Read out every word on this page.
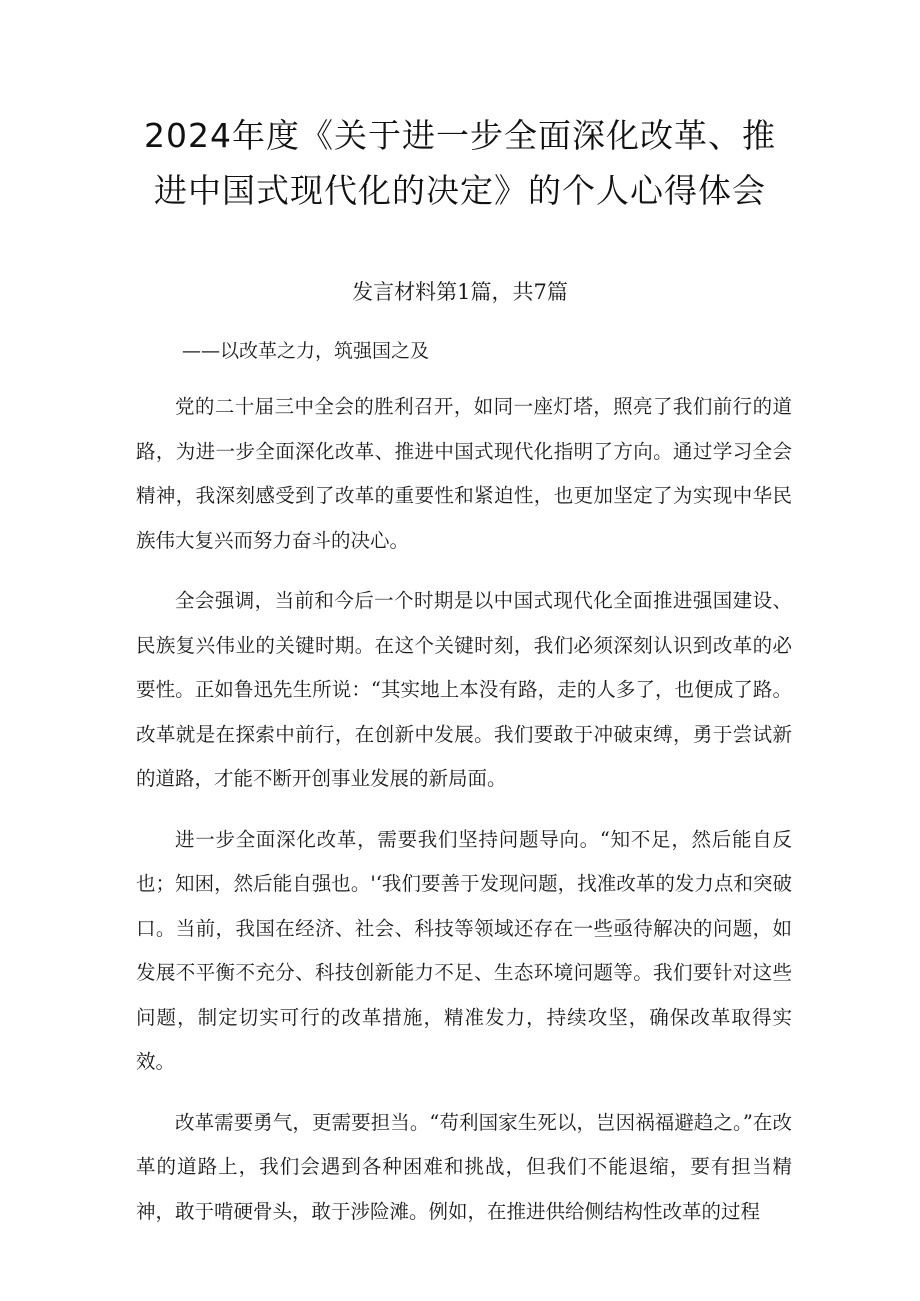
2024年度《关于进一步全面深化改革、推进中国式现代化的决定》的个人心得体会
发言材料第1篇，共7篇
——以改革之力，筑强国之及

党的二十届三中全会的胜利召开，如同一座灯塔，照亮了我们前行的道路，为进一步全面深化改革、推进中国式现代化指明了方向。通过学习全会精神，我深刻感受到了改革的重要性和紧迫性，也更加坚定了为实现中华民族伟大复兴而努力奋斗的决心。

全会强调，当前和今后一个时期是以中国式现代化全面推进强国建设、民族复兴伟业的关键时期。在这个关键时刻，我们必须深刻认识到改革的必要性。正如鲁迅先生所说：“其实地上本没有路，走的人多了，也便成了路。改革就是在探索中前行，在创新中发展。我们要敢于冲破束缚，勇于尝试新的道路，才能不断开创事业发展的新局面。

进一步全面深化改革，需要我们坚持问题导向。“知不足，然后能自反也；知困，然后能自强也。'‘我们要善于发现问题，找准改革的发力点和突破口。当前，我国在经济、社会、科技等领域还存在一些亟待解决的问题，如发展不平衡不充分、科技创新能力不足、生态环境问题等。我们要针对这些问题，制定切实可行的改革措施，精准发力，持续攻坚，确保改革取得实效。

改革需要勇气，更需要担当。“苟利国家生死以，岂因祸福避趋之。”在改革的道路上，我们会遇到各种困难和挑战，但我们不能退缩，要有担当精神，敢于啃硬骨头，敢于涉险滩。例如，在推进供给侧结构性改革的过程
